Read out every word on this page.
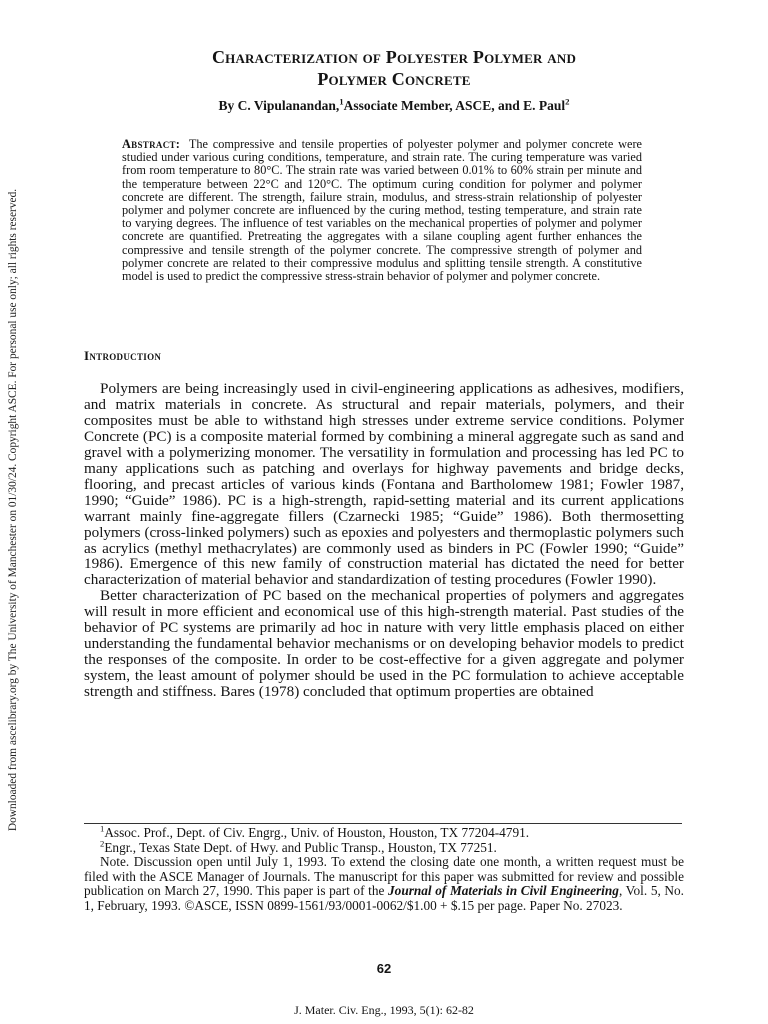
Downloaded from ascelibrary.org by The University of Manchester on 01/30/24. Copyright ASCE. For personal use only; all rights reserved.
Characterization of Polyester Polymer and
Polymer Concrete
By C. Vipulanandan,$^1$Associate Member, ASCE, and E. Paul$^2$
Abstract: The compressive and tensile properties of polyester polymer and polymer concrete were studied under various curing conditions, temperature, and strain rate. The curing temperature was varied from room temperature to 80°C. The strain rate was varied between 0.01% to 60% strain per minute and the temperature between 22°C and 120°C. The optimum curing condition for polymer and polymer concrete are different. The strength, failure strain, modulus, and stress-strain relationship of polyester polymer and polymer concrete are influenced by the curing method, testing temperature, and strain rate to varying degrees. The influence of test variables on the mechanical properties of polymer and polymer concrete are quantified. Pretreating the aggregates with a silane coupling agent further enhances the compressive and tensile strength of the polymer concrete. The compressive strength of polymer and polymer concrete are related to their compressive modulus and splitting tensile strength. A constitutive model is used to predict the compressive stress-strain behavior of polymer and polymer concrete.
Introduction

Polymers are being increasingly used in civil-engineering applications as adhesives, modifiers, and matrix materials in concrete. As structural and repair materials, polymers, and their composites must be able to withstand high stresses under extreme service conditions. Polymer Concrete (PC) is a composite material formed by combining a mineral aggregate such as sand and gravel with a polymerizing monomer. The versatility in formulation and processing has led PC to many applications such as patching and overlays for highway pavements and bridge decks, flooring, and precast articles of various kinds (Fontana and Bartholomew 1981; Fowler 1987, 1990; “Guide” 1986). PC is a high-strength, rapid-setting material and its current applications warrant mainly fine-aggregate fillers (Czarnecki 1985; “Guide” 1986). Both thermosetting polymers (cross-linked polymers) such as epoxies and polyesters and thermoplastic polymers such as acrylics (methyl methacrylates) are commonly used as binders in PC (Fowler 1990; “Guide” 1986). Emergence of this new family of construction material has dictated the need for better characterization of material behavior and standardization of testing procedures (Fowler 1990).

Better characterization of PC based on the mechanical properties of polymers and aggregates will result in more efficient and economical use of this high-strength material. Past studies of the behavior of PC systems are primarily ad hoc in nature with very little emphasis placed on either understanding the fundamental behavior mechanisms or on developing behavior models to predict the responses of the composite. In order to be cost-effective for a given aggregate and polymer system, the least amount of polymer should be used in the PC formulation to achieve acceptable strength and stiffness. Bares (1978) concluded that optimum properties are obtained

$^1$Assoc. Prof., Dept. of Civ. Engrg., Univ. of Houston, Houston, TX 77204-4791.

$^2$Engr., Texas State Dept. of Hwy. and Public Transp., Houston, TX 77251.

Note. Discussion open until July 1, 1993. To extend the closing date one month, a written request must be filed with the ASCE Manager of Journals. The manuscript for this paper was submitted for review and possible publication on March 27, 1990. This paper is part of the Journal of Materials in Civil Engineering, Vol. 5, No. 1, February, 1993. ©ASCE, ISSN 0899-1561/93/0001-0062/$1.00 + $.15 per page. Paper No. 27023.

62
J. Mater. Civ. Eng., 1993, 5(1): 62-82
